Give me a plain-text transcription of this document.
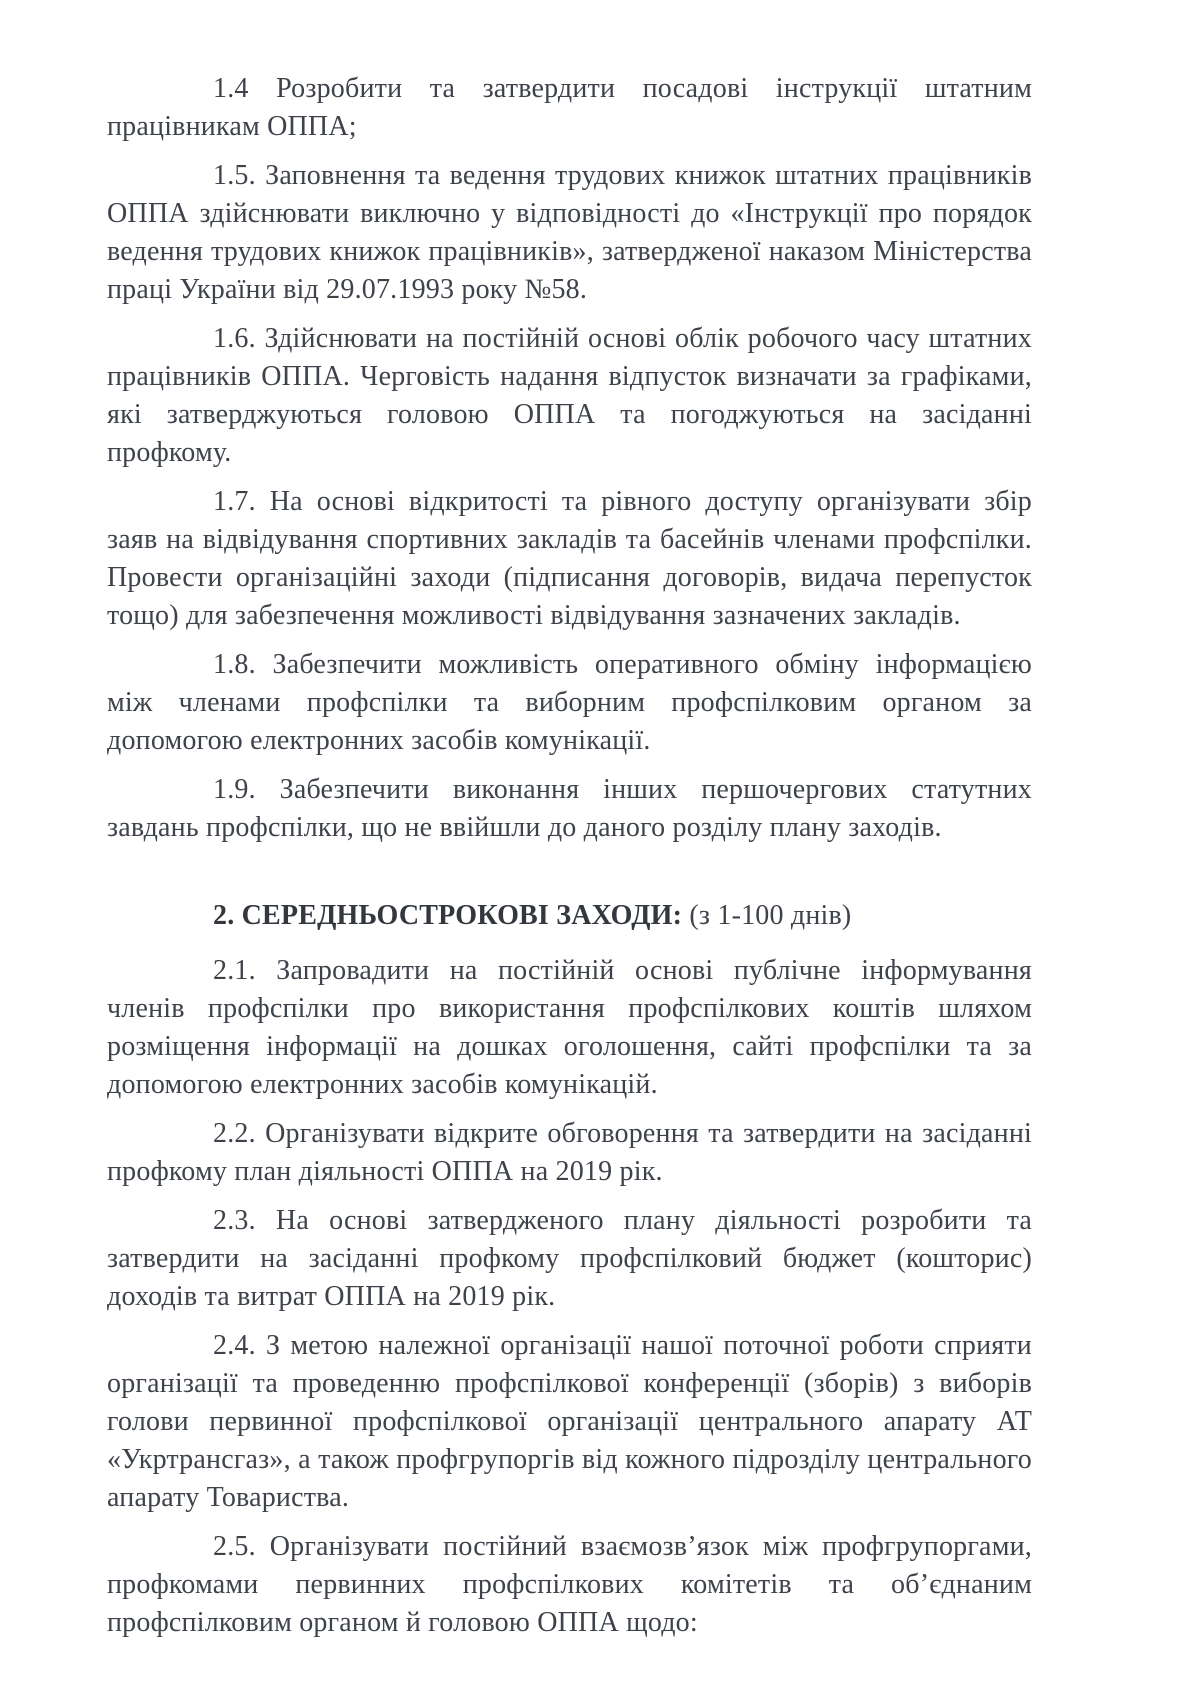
1.4 Розробити та затвердити посадові інструкції штатним працівникам ОППА;

1.5. Заповнення та ведення трудових книжок штатних працівників ОППА здійснювати виключно у відповідності до «Інструкції про порядок ведення трудових книжок працівників», затвердженої наказом Міністерства праці України від 29.07.1993 року №58.

1.6. Здійснювати на постійній основі облік робочого часу штатних працівників ОППА. Черговість надання відпусток визначати за графіками, які затверджуються головою ОППА та погоджуються на засіданні профкому.

1.7. На основі відкритості та рівного доступу організувати збір заяв на відвідування спортивних закладів та басейнів членами профспілки. Провести організаційні заходи (підписання договорів, видача перепусток тощо) для забезпечення можливості відвідування зазначених закладів.

1.8. Забезпечити можливість оперативного обміну інформацією між членами профспілки та виборним профспілковим органом за допомогою електронних засобів комунікації.

1.9. Забезпечити виконання інших першочергових статутних завдань профспілки, що не ввійшли до даного розділу плану заходів.

2. СЕРЕДНЬОСТРОКОВІ ЗАХОДИ: (з 1-100 днів)

2.1. Запровадити на постійній основі публічне інформування членів профспілки про використання профспілкових коштів шляхом розміщення інформації на дошках оголошення, сайті профспілки та за допомогою електронних засобів комунікацій.

2.2. Організувати відкрите обговорення та затвердити на засіданні профкому план діяльності ОППА на 2019 рік.

2.3. На основі затвердженого плану діяльності розробити та затвердити на засіданні профкому профспілковий бюджет (кошторис) доходів та витрат ОППА на 2019 рік.

2.4. З метою належної організації нашої поточної роботи сприяти організації та проведенню профспілкової конференції (зборів) з виборів голови первинної профспілкової організації центрального апарату АТ «Укртрансгаз», а також профгрупоргів від кожного підрозділу центрального апарату Товариства.

2.5. Організувати постійний взаємозв’язок між профгрупоргами, профкомами первинних профспілкових комітетів та об’єднаним профспілковим органом й головою ОППА щодо:
